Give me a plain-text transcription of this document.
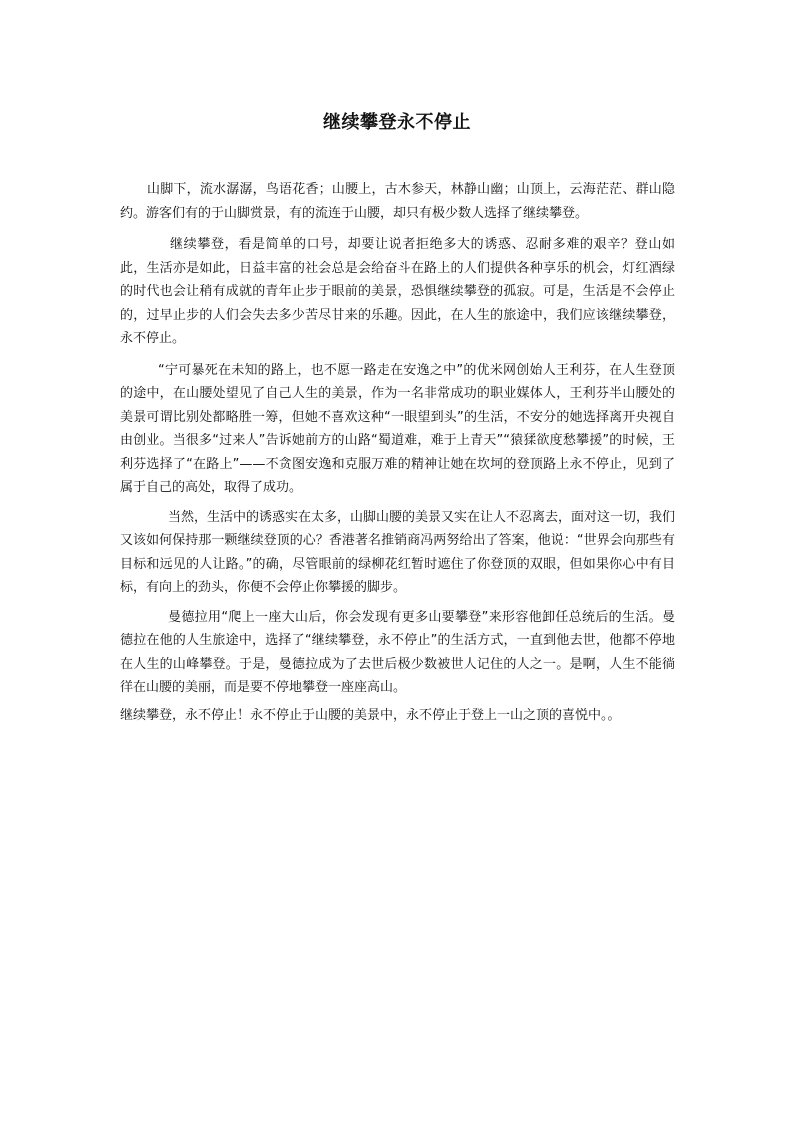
继续攀登永不停止

山脚下，流水潺潺，鸟语花香；山腰上，古木参天，林静山幽；山顶上，云海茫茫、群山隐约。游客们有的于山脚赏景，有的流连于山腰，却只有极少数人选择了继续攀登。

继续攀登，看是简单的口号，却要让说者拒绝多大的诱惑、忍耐多难的艰辛？登山如此，生活亦是如此，日益丰富的社会总是会给奋斗在路上的人们提供各种享乐的机会，灯红酒绿的时代也会让稍有成就的青年止步于眼前的美景，恐惧继续攀登的孤寂。可是，生活是不会停止的，过早止步的人们会失去多少苦尽甘来的乐趣。因此，在人生的旅途中，我们应该继续攀登，永不停止。

“宁可暴死在未知的路上，也不愿一路走在安逸之中”的优米网创始人王利芬，在人生登顶的途中，在山腰处望见了自己人生的美景，作为一名非常成功的职业媒体人，王利芬半山腰处的美景可谓比别处都略胜一筹，但她不喜欢这种“一眼望到头”的生活，不安分的她选择离开央视自由创业。当很多“过来人”告诉她前方的山路“蜀道难，难于上青天”“猿猱欲度愁攀援”的时候，王利芬选择了“在路上”——不贪图安逸和克服万难的精神让她在坎坷的登顶路上永不停止，见到了属于自己的高处，取得了成功。

当然，生活中的诱惑实在太多，山脚山腰的美景又实在让人不忍离去，面对这一切，我们又该如何保持那一颗继续登顶的心？香港著名推销商冯两努给出了答案，他说：“世界会向那些有目标和远见的人让路。”的确，尽管眼前的绿柳花红暂时遮住了你登顶的双眼，但如果你心中有目标，有向上的劲头，你便不会停止你攀援的脚步。

曼德拉用“爬上一座大山后，你会发现有更多山要攀登”来形容他卸任总统后的生活。曼德拉在他的人生旅途中，选择了“继续攀登，永不停止”的生活方式，一直到他去世，他都不停地在人生的山峰攀登。于是，曼德拉成为了去世后极少数被世人记住的人之一。是啊，人生不能徜徉在山腰的美丽，而是要不停地攀登一座座高山。

继续攀登，永不停止！永不停止于山腰的美景中，永不停止于登上一山之顶的喜悦中。。
